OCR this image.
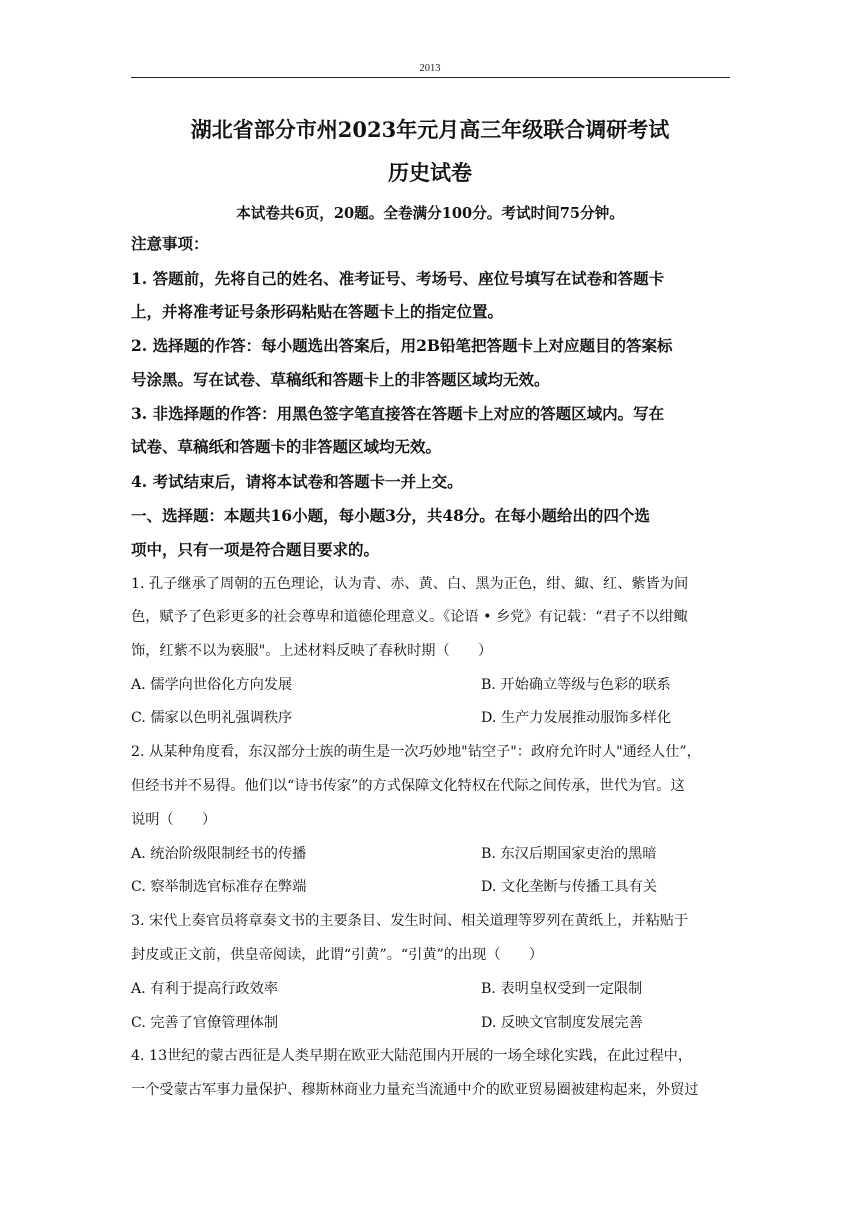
2013
湖北省部分市州2023年元月高三年级联合调研考试
历史试卷
本试卷共6页，20题。全卷满分100分。考试时间75分钟。
注意事项：
1. 答题前，先将自己的姓名、准考证号、考场号、座位号填写在试卷和答题卡
上，并将准考证号条形码粘贴在答题卡上的指定位置。
2. 选择题的作答：每小题选出答案后，用2B铅笔把答题卡上对应题目的答案标
号涂黑。写在试卷、草稿纸和答题卡上的非答题区域均无效。
3. 非选择题的作答：用黑色签字笔直接答在答题卡上对应的答题区域内。写在
试卷、草稿纸和答题卡的非答题区域均无效。
4. 考试结束后，请将本试卷和答题卡一并上交。
一、选择题：本题共16小题，每小题3分，共48分。在每小题给出的四个选
项中，只有一项是符合题目要求的。
1. 孔子继承了周朝的五色理论，认为青、赤、黄、白、黑为正色，绀、緅、红、紫皆为间
色，赋予了色彩更多的社会尊卑和道德伦理意义。《论语 • 乡党》有记载：“君子不以绀鲰
饰，红紫不以为亵服"。上述材料反映了春秋时期（　　）
A. 儒学向世俗化方向发展	B. 开始确立等级与色彩的联系
C. 儒家以色明礼强调秩序	D. 生产力发展推动服饰多样化
2. 从某种角度看，东汉部分士族的萌生是一次巧妙地"钻空子"：政府允许时人"通经人仕”，
但经书并不易得。他们以“诗书传家”的方式保障文化特权在代际之间传承，世代为官。这
说明（　　）
A. 统治阶级限制经书的传播	B. 东汉后期国家吏治的黑暗
C. 察举制选官标准存在弊端	D. 文化垄断与传播工具有关
3. 宋代上奏官员将章奏文书的主要条目、发生时间、相关道理等罗列在黄纸上，并粘贴于
封皮或正文前，供皇帝阅读，此谓“引黄”。“引黄”的出现（　　）
A. 有利于提高行政效率	B. 表明皇权受到一定限制
C. 完善了官僚管理体制	D. 反映文官制度发展完善
4. 13世纪的蒙古西征是人类早期在欧亚大陆范围内开展的一场全球化实践，在此过程中，
一个受蒙古军事力量保护、穆斯林商业力量充当流通中介的欧亚贸易圈被建构起来，外贸过
